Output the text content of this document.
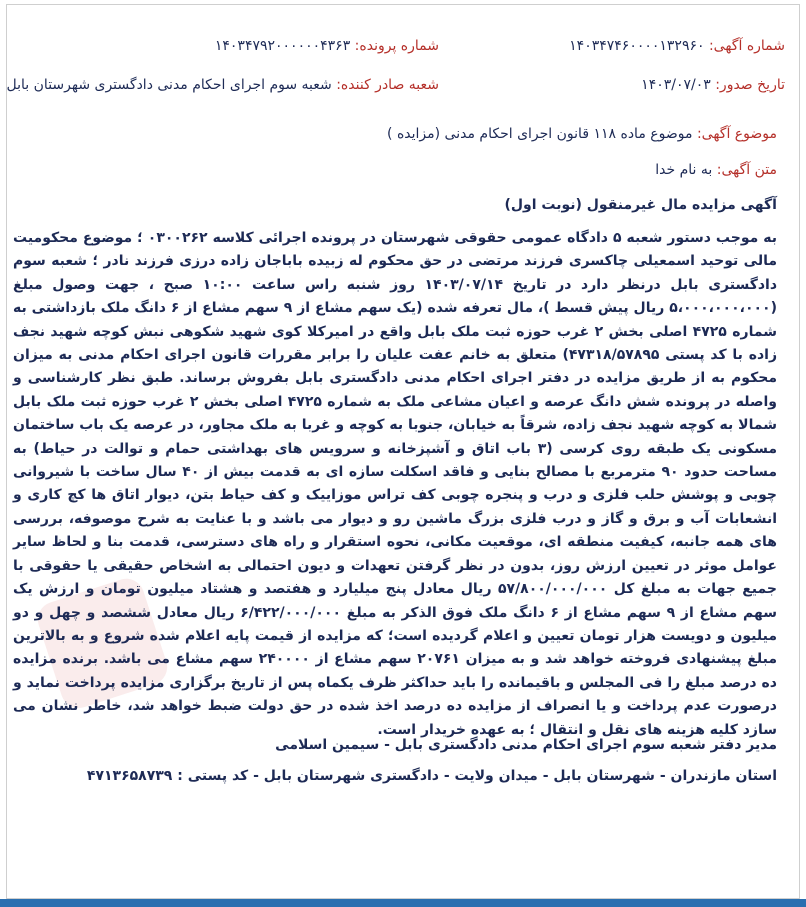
شماره آگهی: ۱۴۰۳۴۷۴۶۰۰۰۰۱۳۲۹۶۰
شماره پرونده: ۱۴۰۳۴۷۹۲۰۰۰۰۰۰۴۳۶۳
تاریخ صدور: ۱۴۰۳/۰۷/۰۳
شعبه صادر کننده: شعبه سوم اجرای احکام مدنی دادگستری شهرستان بابل
موضوع آگهی: موضوع ماده ۱۱۸ قانون اجرای احکام مدنی (مزایده )
متن آگهی: به نام خدا
آگهی مزایده مال غیرمنقول (نوبت اول)
به موجب دستور شعبه ۵ دادگاه عمومی حقوقی شهرستان در پرونده اجرائی کلاسه ۰۳۰۰۲۶۲ ؛ موضوع محکومیت مالی توحید اسمعیلی چاکسری فرزند مرتضی در حق محکوم له زبیده باباجان زاده درزی فرزند نادر ؛ شعبه سوم دادگستری بابل درنظر دارد در تاریخ ۱۴۰۳/۰۷/۱۴ روز شنبه راس ساعت ۱۰:۰۰ صبح ، جهت وصول مبلغ (۵،۰۰۰،۰۰۰،۰۰۰ ریال پیش قسط )، مال تعرفه شده (یک سهم مشاع از ۹ سهم مشاع از ۶ دانگ ملک بازداشتی به شماره ۴۷۲۵ اصلی بخش ۲ غرب حوزه ثبت ملک بابل واقع در امیرکلا کوی شهید شکوهی نبش کوچه شهید نجف زاده با کد پستی ۴۷۳۱۸/۵۷۸۹۵) متعلق به خانم عفت علیان را برابر مقررات قانون اجرای احکام مدنی به میزان محکوم به از طریق مزایده در دفتر اجرای احکام مدنی دادگستری بابل بفروش برساند. طبق نظر کارشناسی و واصله در پرونده شش دانگ عرصه و اعیان مشاعی ملک به شماره ۴۷۲۵ اصلی بخش ۲ غرب حوزه ثبت ملک بابل شمالا به کوچه شهید نجف زاده، شرقاً به خیابان، جنوبا به کوچه و غربا به ملک مجاور، در عرصه یک باب ساختمان مسکونی یک طبقه روی کرسی (۳ باب اتاق و آشپزخانه و سرویس های بهداشتی حمام و توالت در حیاط) به مساحت حدود ۹۰ مترمربع با مصالح بنایی و فاقد اسکلت سازه ای به قدمت بیش از ۴۰ سال ساخت با شیروانی چوبی و پوشش حلب فلزی و درب و پنجره چوبی کف تراس موزاییک و کف حیاط بتن، دیوار اتاق ها کچ کاری و انشعابات آب و برق و گاز و درب فلزی بزرگ ماشین رو و دیوار می باشد و با عنایت به شرح موصوفه، بررسی های همه جانبه، کیفیت منطقه ای، موقعیت مکانی، نحوه استقرار و راه های دسترسی، قدمت بنا و لحاظ سایر عوامل موثر در تعیین ارزش روز، بدون در نظر گرفتن تعهدات و دیون احتمالی به اشخاص حقیقی یا حقوقی با جمیع جهات به مبلغ کل ۵۷/۸۰۰/۰۰۰/۰۰۰ ریال معادل پنج میلیارد و هفتصد و هشتاد میلیون تومان و ارزش یک سهم مشاع از ۹ سهم مشاع از ۶ دانگ ملک فوق الذکر به مبلغ ۶/۴۲۲/۰۰۰/۰۰۰ ریال معادل ششصد و چهل و دو میلیون و دویست هزار تومان تعیین و اعلام گردیده است؛ که مزایده از قیمت پایه اعلام شده شروع و به بالاترین مبلغ پیشنهادی فروخته خواهد شد و به میزان ۲۰۷۶۱ سهم مشاع از ۲۴۰۰۰۰ سهم مشاع می باشد. برنده مزایده ده درصد مبلغ را فی المجلس و باقیمانده را باید حداکثر ظرف یکماه پس از تاریخ برگزاری مزایده پرداخت نماید و درصورت عدم پرداخت و یا انصراف از مزایده ده درصد اخذ شده در حق دولت ضبط خواهد شد، خاطر نشان می سازد کلیه هزینه های نقل و انتقال ؛ به عهده خریدار است.
مدیر دفتر شعبه سوم اجرای احکام مدنی دادگستری بابل - سیمین اسلامی
استان مازندران - شهرستان بابل - میدان ولایت - دادگستری شهرستان بابل - کد پستی : ۴۷۱۳۶۵۸۷۳۹
